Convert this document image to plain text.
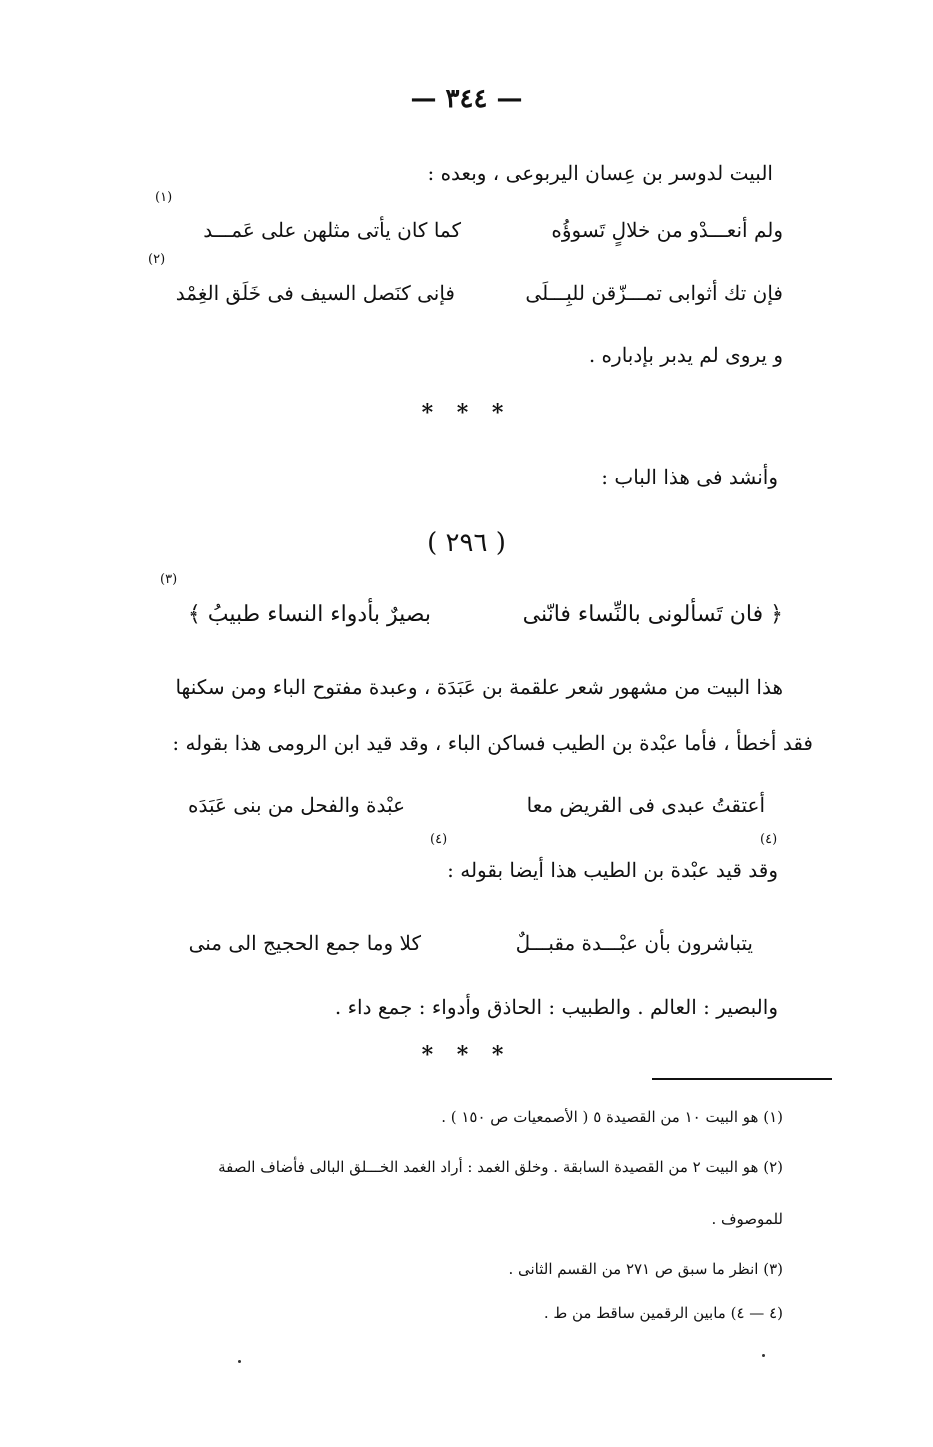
— ٣٤٤ —
البيت لدوسر بن عِسان اليربوعى ، وبعده :
(١)
ولم أنعـــدْو من خلالٍ تَسوؤُه
كما كان يأتى مثلهن على عَمـــد
(٢)
فإن تك أثوابى تمـــزّقن للبِـــلَى
فإنى كنَصل السيف فى خَلَق الغِمْد
و يروى لم يدبر بإدباره .
* * *
وأنشد فى هذا الباب :
( ٢٩٦ )
(٣)
﴿ فان تَسألونى بالنِّساء فانّنى
بصيرٌ بأدواء النساء طبيبُ ﴾
هذا البيت من مشهور شعر علقمة بن عَبَدَة ، وعبدة مفتوح الباء ومن سكنها
فقد أخطأ ، فأما عبْدة بن الطيب فساكن الباء ، وقد قيد ابن الرومى هذا بقوله :
أعتقتُ عبدى فى القريض معا
عبْدة والفحل من بنى عَبَدَه
(٤)	(٤)
وقد قيد عبْدة بن الطيب هذا أيضا بقوله :
يتباشرون بأن عبْـــدة مقبـــلٌ
كلا وما جمع الحجيج الى منى
والبصير : العالم . والطبيب : الحاذق وأدواء : جمع داء .
* * *
(١) هو البيت ١٠ من القصيدة ٥ ( الأصمعيات ص ١٥٠ ) .
(٢) هو البيت ٢ من القصيدة السابقة . وخلق الغمد : أراد الغمد الخـــلق البالى فأضاف الصفة
للموصوف .
(٣) انظر ما سبق ص ٢٧١ من القسم الثانى .
(٤ — ٤) مابين الرقمين ساقط من ط .
